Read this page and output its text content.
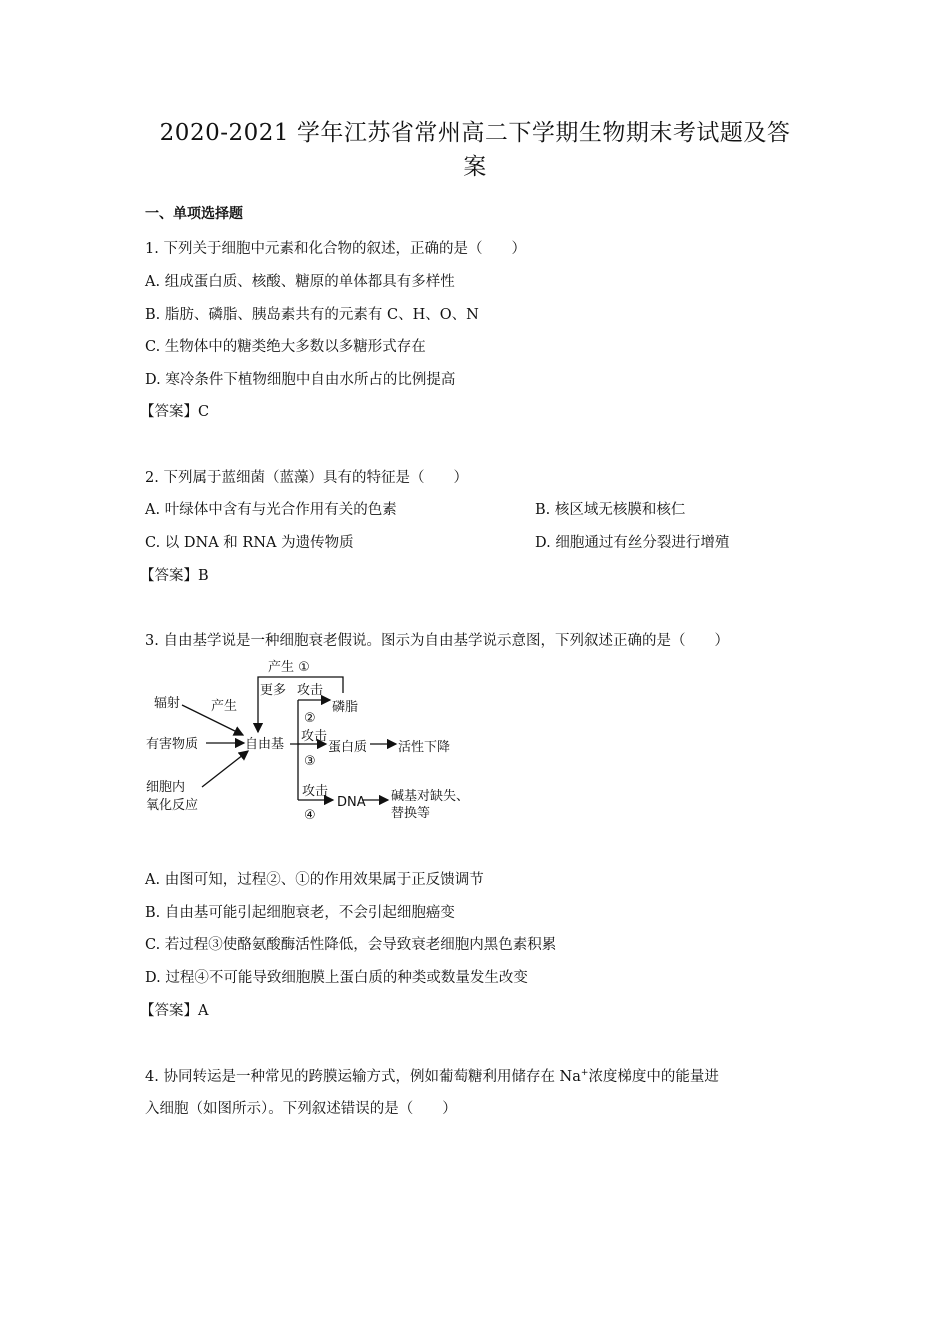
2020-2021 学年江苏省常州高二下学期生物期末考试题及答
案
一、单项选择题
1. 下列关于细胞中元素和化合物的叙述，正确的是（　　）
A. 组成蛋白质、核酸、糖原的单体都具有多样性
B. 脂肪、磷脂、胰岛素共有的元素有 C、H、O、N
C. 生物体中的糖类绝大多数以多糖形式存在
D. 寒冷条件下植物细胞中自由水所占的比例提高
【答案】C
2. 下列属于蓝细菌（蓝藻）具有的特征是（　　）
A. 叶绿体中含有与光合作用有关的色素	B. 核区域无核膜和核仁
C. 以 DNA 和 RNA 为遗传物质	D. 细胞通过有丝分裂进行增殖
【答案】B
3. 自由基学说是一种细胞衰老假说。图示为自由基学说示意图，下列叙述正确的是（　　）
产生 ①
更多 攻击
辐射 产生
②
磷脂
有害物质	自由基
攻击
蛋白质 活性下降
③
细胞内
氧化反应
攻击
DNA 碱基对缺失、
替换等
④
A. 由图可知，过程②、①的作用效果属于正反馈调节
B. 自由基可能引起细胞衰老，不会引起细胞癌变
C. 若过程③使酪氨酸酶活性降低，会导致衰老细胞内黑色素积累
D. 过程④不可能导致细胞膜上蛋白质的种类或数量发生改变
【答案】A
4. 协同转运是一种常见的跨膜运输方式，例如葡萄糖利用储存在 Na+浓度梯度中的能量进
入细胞（如图所示）。下列叙述错误的是（　　）
